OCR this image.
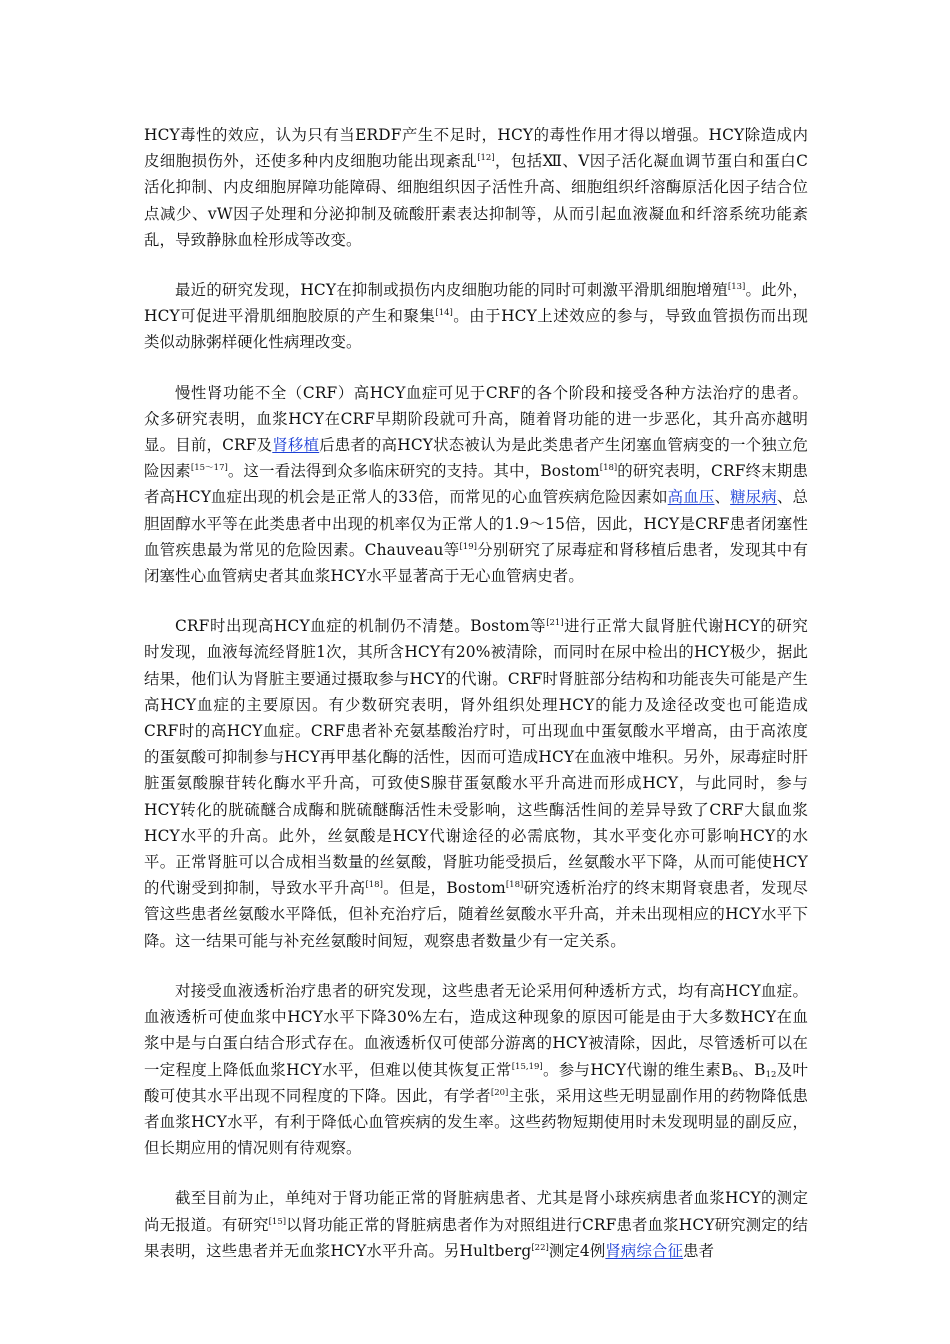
HCY毒性的效应，认为只有当ERDF产生不足时，HCY的毒性作用才得以增强。HCY除造成内皮细胞损伤外，还使多种内皮细胞功能出现紊乱[12]，包括Ⅻ、Ⅴ因子活化凝血调节蛋白和蛋白C活化抑制、内皮细胞屏障功能障碍、细胞组织因子活性升高、细胞组织纤溶酶原活化因子结合位点减少、vW因子处理和分泌抑制及硫酸肝素表达抑制等，从而引起血液凝血和纤溶系统功能紊乱，导致静脉血栓形成等改变。

最近的研究发现，HCY在抑制或损伤内皮细胞功能的同时可刺激平滑肌细胞增殖[13]。此外，HCY可促进平滑肌细胞胶原的产生和聚集[14]。由于HCY上述效应的参与，导致血管损伤而出现类似动脉粥样硬化性病理改变。

慢性肾功能不全（CRF）高HCY血症可见于CRF的各个阶段和接受各种方法治疗的患者。众多研究表明，血浆HCY在CRF早期阶段就可升高，随着肾功能的进一步恶化，其升高亦越明显。目前，CRF及肾移植后患者的高HCY状态被认为是此类患者产生闭塞血管病变的一个独立危险因素[15～17]。这一看法得到众多临床研究的支持。其中，Bostom[18]的研究表明，CRF终末期患者高HCY血症出现的机会是正常人的33倍，而常见的心血管疾病危险因素如高血压、糖尿病、总胆固醇水平等在此类患者中出现的机率仅为正常人的1.9～15倍，因此，HCY是CRF患者闭塞性血管疾患最为常见的危险因素。Chauveau等[19]分别研究了尿毒症和肾移植后患者，发现其中有闭塞性心血管病史者其血浆HCY水平显著高于无心血管病史者。

CRF时出现高HCY血症的机制仍不清楚。Bostom等[21]进行正常大鼠肾脏代谢HCY的研究时发现，血液每流经肾脏1次，其所含HCY有20%被清除，而同时在尿中检出的HCY极少，据此结果，他们认为肾脏主要通过摄取参与HCY的代谢。CRF时肾脏部分结构和功能丧失可能是产生高HCY血症的主要原因。有少数研究表明，肾外组织处理HCY的能力及途径改变也可能造成CRF时的高HCY血症。CRF患者补充氨基酸治疗时，可出现血中蛋氨酸水平增高，由于高浓度的蛋氨酸可抑制参与HCY再甲基化酶的活性，因而可造成HCY在血液中堆积。另外，尿毒症时肝脏蛋氨酸腺苷转化酶水平升高，可致使S腺苷蛋氨酸水平升高进而形成HCY，与此同时，参与HCY转化的胱硫醚合成酶和胱硫醚酶活性未受影响，这些酶活性间的差异导致了CRF大鼠血浆HCY水平的升高。此外，丝氨酸是HCY代谢途径的必需底物，其水平变化亦可影响HCY的水平。正常肾脏可以合成相当数量的丝氨酸，肾脏功能受损后，丝氨酸水平下降，从而可能使HCY的代谢受到抑制，导致水平升高[18]。但是，Bostom[18]研究透析治疗的终末期肾衰患者，发现尽管这些患者丝氨酸水平降低，但补充治疗后，随着丝氨酸水平升高，并未出现相应的HCY水平下降。这一结果可能与补充丝氨酸时间短，观察患者数量少有一定关系。

对接受血液透析治疗患者的研究发现，这些患者无论采用何种透析方式，均有高HCY血症。血液透析可使血浆中HCY水平下降30%左右，造成这种现象的原因可能是由于大多数HCY在血浆中是与白蛋白结合形式存在。血液透析仅可使部分游离的HCY被清除，因此，尽管透析可以在一定程度上降低血浆HCY水平，但难以使其恢复正常[15,19]。参与HCY代谢的维生素$B_6$、$B_{12}$及叶酸可使其水平出现不同程度的下降。因此，有学者[20]主张，采用这些无明显副作用的药物降低患者血浆HCY水平，有利于降低心血管疾病的发生率。这些药物短期使用时未发现明显的副反应，但长期应用的情况则有待观察。

截至目前为止，单纯对于肾功能正常的肾脏病患者、尤其是肾小球疾病患者血浆HCY的测定尚无报道。有研究[15]以肾功能正常的肾脏病患者作为对照组进行CRF患者血浆HCY研究测定的结果表明，这些患者并无血浆HCY水平升高。另Hultberg[22]测定4例肾病综合征患者
